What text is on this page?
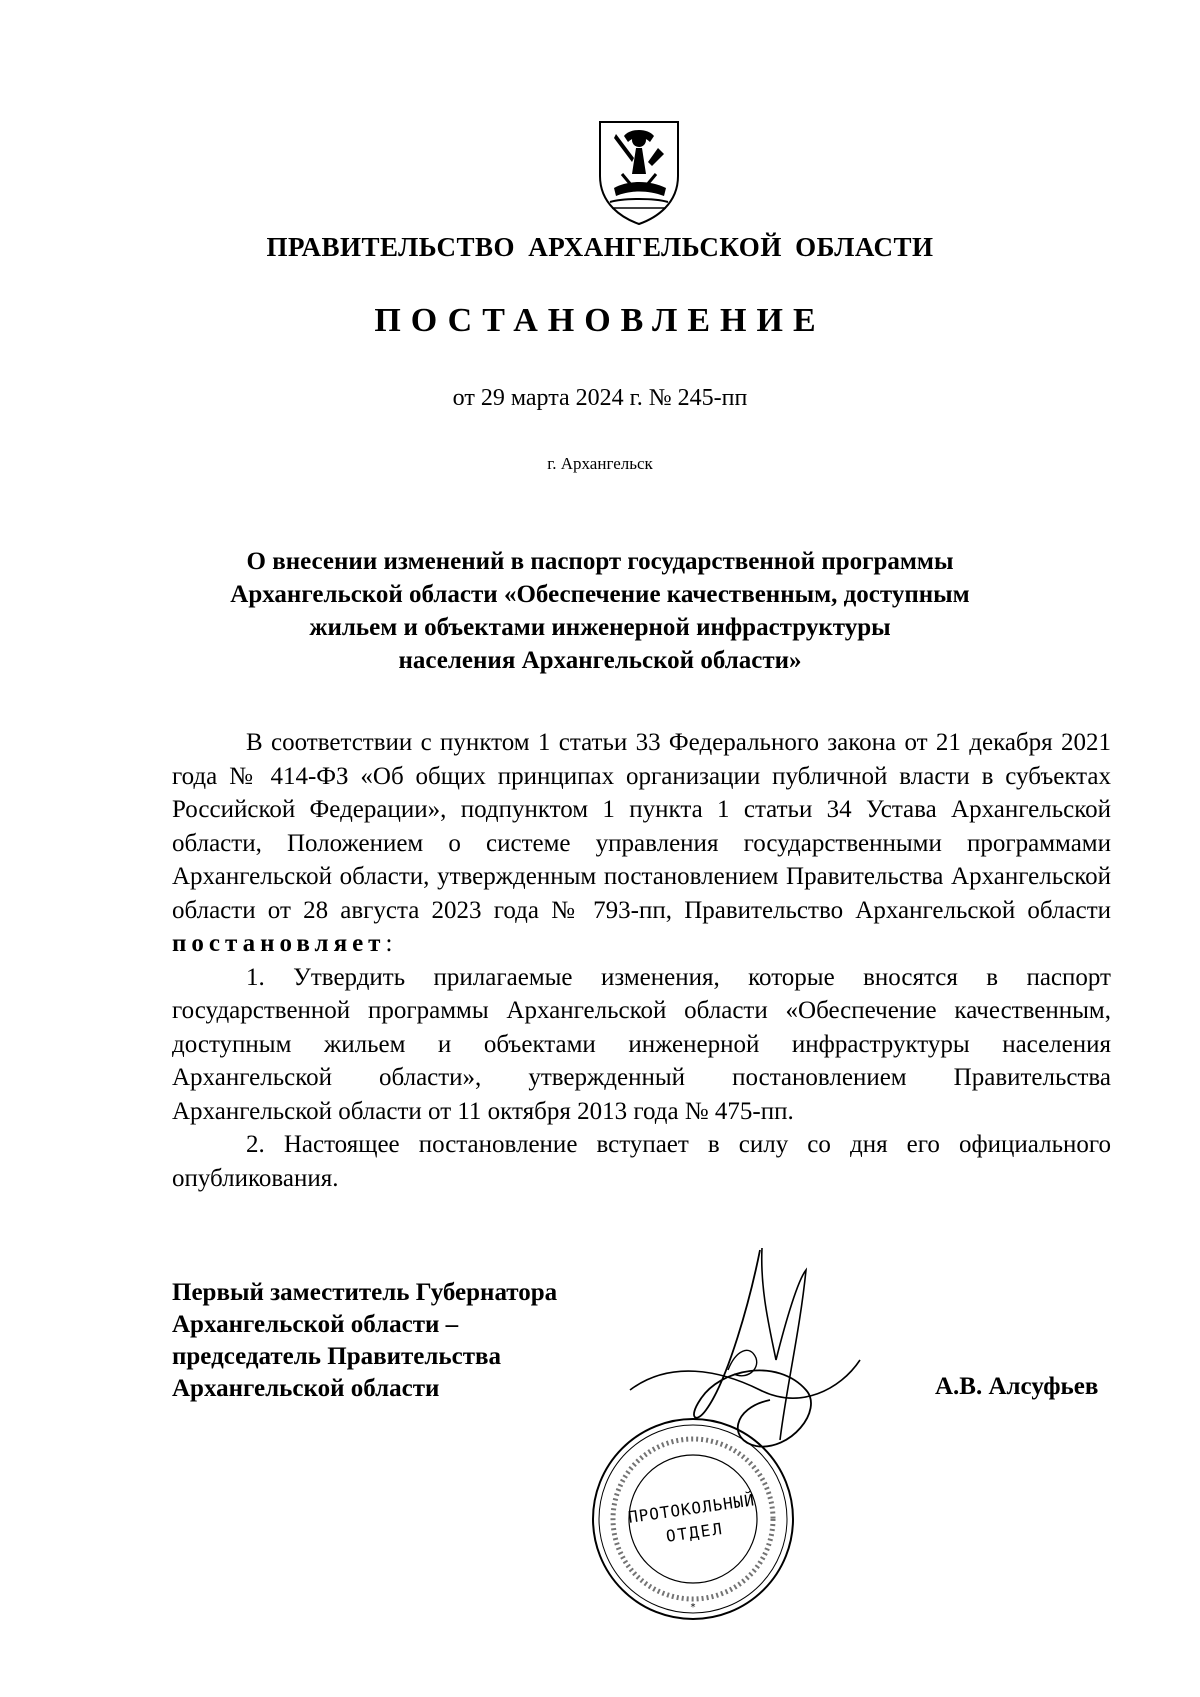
ПРАВИТЕЛЬСТВО АРХАНГЕЛЬСКОЙ ОБЛАСТИ
ПОСТАНОВЛЕНИЕ
от 29 марта 2024 г. № 245-пп
г. Архангельск
О внесении изменений в паспорт государственной программы
Архангельской области «Обеспечение качественным, доступным
жильем и объектами инженерной инфраструктуры
населения Архангельской области»

В соответствии с пунктом 1 статьи 33 Федерального закона от 21 декабря 2021 года № 414-ФЗ «Об общих принципах организации публичной власти в субъектах Российской Федерации», подпунктом 1 пункта 1 статьи 34 Устава Архангельской области, Положением о системе управления государственными программами Архангельской области, утвержденным постановлением Правительства Архангельской области от 28 августа 2023 года № 793-пп, Правительство Архангельской области постановляет:

1. Утвердить прилагаемые изменения, которые вносятся в паспорт государственной программы Архангельской области «Обеспечение качественным, доступным жильем и объектами инженерной инфраструктуры населения Архангельской области», утвержденный постановлением Правительства Архангельской области от 11 октября 2013 года № 475-пп.

2. Настоящее постановление вступает в силу со дня его официального опубликования.

Первый заместитель Губернатора
Архангельской области –
председатель Правительства
Архангельской области	А.В. Алсуфьев
ПРОТОКОЛЬНЫЙ
ОТДЕЛ
*
